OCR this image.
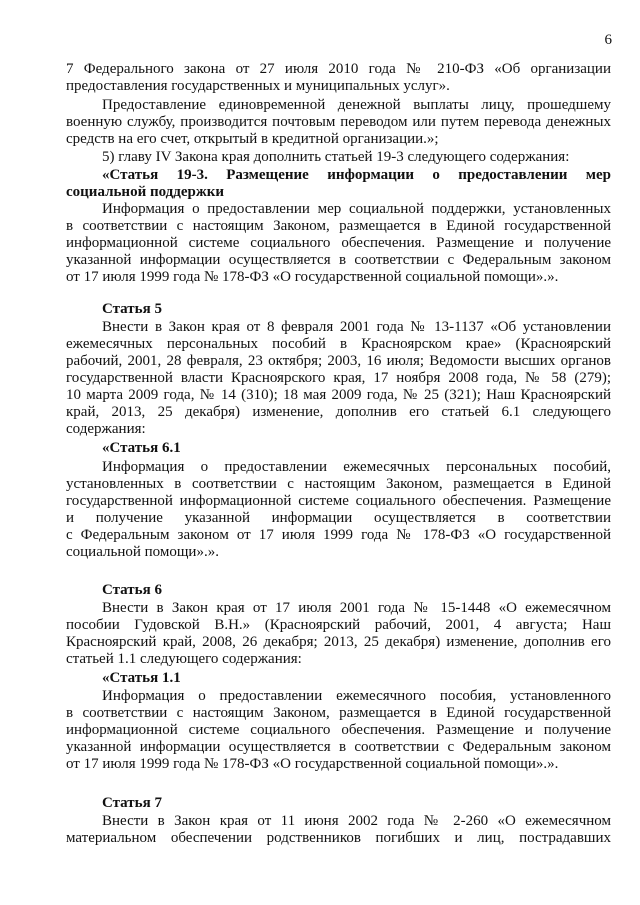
6
7 Федерального закона от 27 июля 2010 года № 210-ФЗ «Об организации
предоставления государственных и муниципальных услуг».
Предоставление единовременной денежной выплаты лицу, прошедшему
военную службу, производится почтовым переводом или путем перевода денежных
средств на его счет, открытый в кредитной организации.»;
5) главу IV Закона края дополнить статьей 19-3 следующего содержания:
«Статья 19-3. Размещение информации о предоставлении мер
социальной поддержки
Информация о предоставлении мер социальной поддержки, установленных
в соответствии с настоящим Законом, размещается в Единой государственной
информационной системе социального обеспечения. Размещение и получение
указанной информации осуществляется в соответствии с Федеральным законом
от 17 июля 1999 года № 178-ФЗ «О государственной социальной помощи».».
Статья 5
Внести в Закон края от 8 февраля 2001 года № 13-1137 «Об установлении
ежемесячных персональных пособий в Красноярском крае» (Красноярский
рабочий, 2001, 28 февраля, 23 октября; 2003, 16 июля; Ведомости высших органов
государственной власти Красноярского края, 17 ноября 2008 года, № 58 (279);
10 марта 2009 года, № 14 (310); 18 мая 2009 года, № 25 (321); Наш Красноярский
край, 2013, 25 декабря) изменение, дополнив его статьей 6.1 следующего
содержания:
«Статья 6.1
Информация о предоставлении ежемесячных персональных пособий,
установленных в соответствии с настоящим Законом, размещается в Единой
государственной информационной системе социального обеспечения. Размещение
и получение указанной информации осуществляется в соответствии
с Федеральным законом от 17 июля 1999 года № 178-ФЗ «О государственной
социальной помощи».».
Статья 6
Внести в Закон края от 17 июля 2001 года № 15-1448 «О ежемесячном
пособии Гудовской В.Н.» (Красноярский рабочий, 2001, 4 августа; Наш
Красноярский край, 2008, 26 декабря; 2013, 25 декабря) изменение, дополнив его
статьей 1.1 следующего содержания:
«Статья 1.1
Информация о предоставлении ежемесячного пособия, установленного
в соответствии с настоящим Законом, размещается в Единой государственной
информационной системе социального обеспечения. Размещение и получение
указанной информации осуществляется в соответствии с Федеральным законом
от 17 июля 1999 года № 178-ФЗ «О государственной социальной помощи».».
Статья 7
Внести в Закон края от 11 июня 2002 года № 2-260 «О ежемесячном
материальном обеспечении родственников погибших и лиц, пострадавших
